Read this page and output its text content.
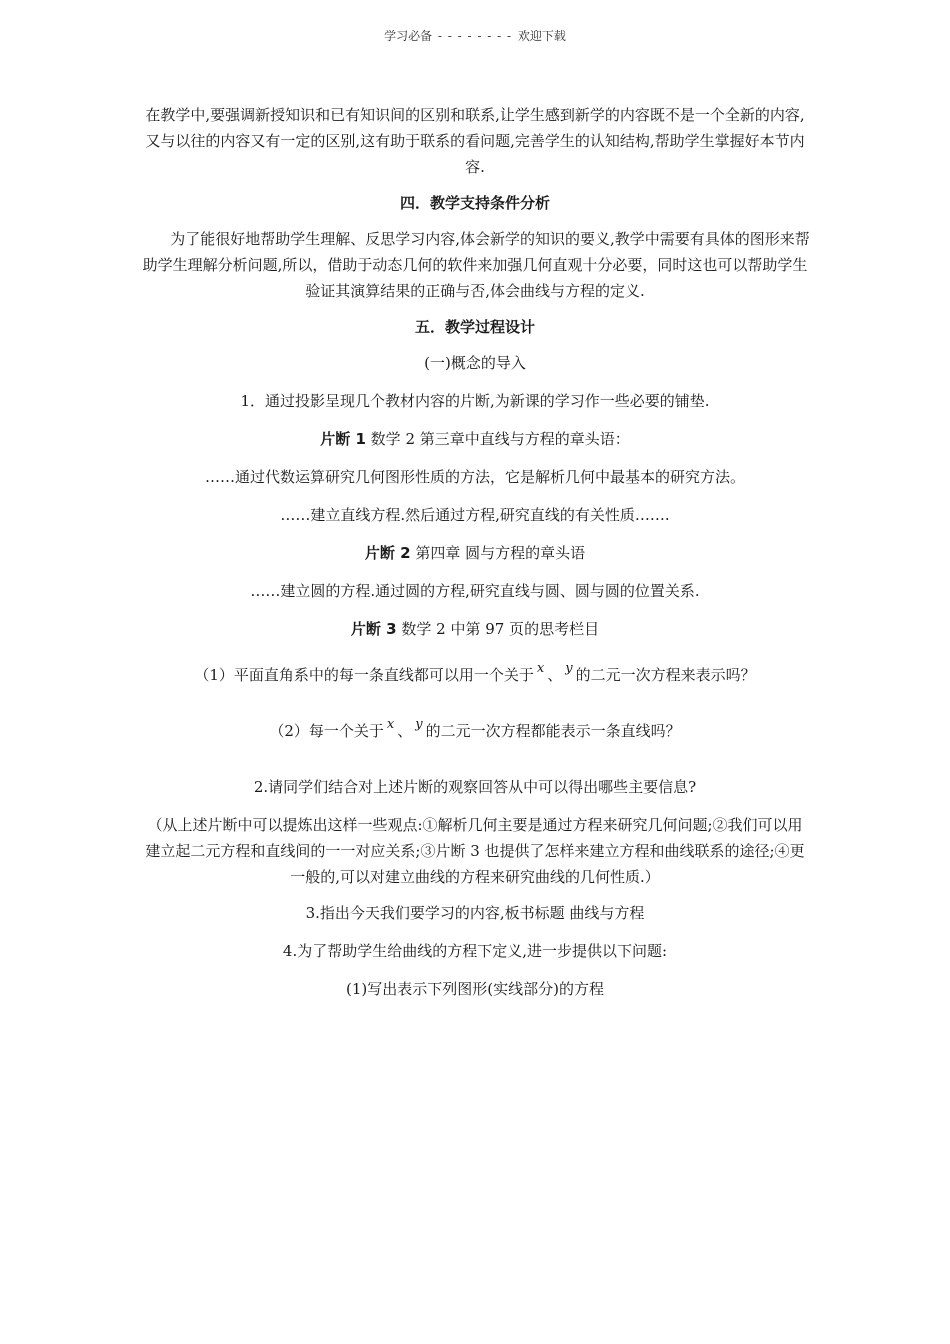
学习必备 - - - - - - - - 欢迎下载

在教学中,要强调新授知识和已有知识间的区别和联系,让学生感到新学的内容既不是一个全新的内容,又与以往的内容又有一定的区别,这有助于联系的看问题,完善学生的认知结构,帮助学生掌握好本节内容.

四．教学支持条件分析

为了能很好地帮助学生理解、反思学习内容,体会新学的知识的要义,教学中需要有具体的图形来帮助学生理解分析问题,所以，借助于动态几何的软件来加强几何直观十分必要，同时这也可以帮助学生验证其演算结果的正确与否,体会曲线与方程的定义.

五．教学过程设计
(一)概念的导入
1．通过投影呈现几个教材内容的片断,为新课的学习作一些必要的铺垫.
片断 1 数学 2 第三章中直线与方程的章头语：
……通过代数运算研究几何图形性质的方法，它是解析几何中最基本的研究方法。
……建立直线方程.然后通过方程,研究直线的有关性质…….
片断 2 第四章 圆与方程的章头语
……建立圆的方程.通过圆的方程,研究直线与圆、圆与圆的位置关系.
片断 3 数学 2 中第 97 页的思考栏目
（1）平面直角系中的每一条直线都可以用一个关于 x 、 y 的二元一次方程来表示吗？
（2）每一个关于 x 、 y 的二元一次方程都能表示一条直线吗？
2.请同学们结合对上述片断的观察回答从中可以得出哪些主要信息?

（从上述片断中可以提炼出这样一些观点:①解析几何主要是通过方程来研究几何问题;②我们可以用建立起二元方程和直线间的一一对应关系;③片断 3 也提供了怎样来建立方程和曲线联系的途径;④更一般的,可以对建立曲线的方程来研究曲线的几何性质.）

3.指出今天我们要学习的内容,板书标题 曲线与方程
4.为了帮助学生给曲线的方程下定义,进一步提供以下问题:
(1)写出表示下列图形(实线部分)的方程
